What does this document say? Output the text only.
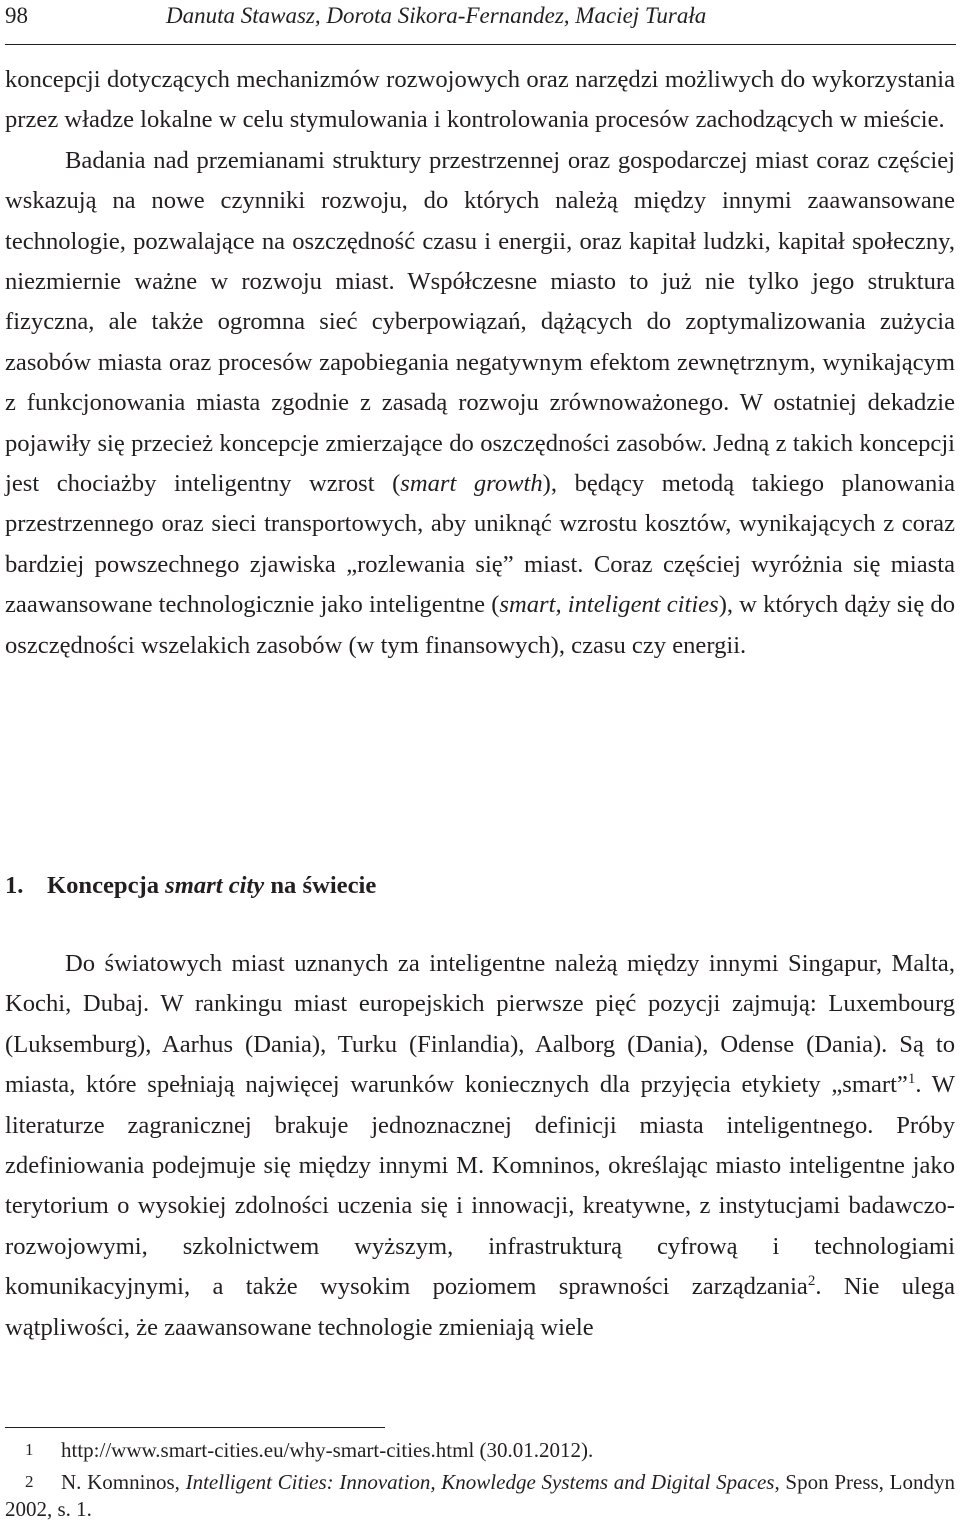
98	Danuta Stawasz, Dorota Sikora-Fernandez, Maciej Turała

koncepcji dotyczących mechanizmów rozwojowych oraz narzędzi możliwych do wykorzystania przez władze lokalne w celu stymulowania i kontrolowania procesów zachodzących w mieście.

Badania nad przemianami struktury przestrzennej oraz gospodarczej miast coraz częściej wskazują na nowe czynniki rozwoju, do których należą między innymi zaawansowane technologie, pozwalające na oszczędność czasu i energii, oraz kapitał ludzki, kapitał społeczny, niezmiernie ważne w rozwoju miast. Współczesne miasto to już nie tylko jego struktura fizyczna, ale także ogromna sieć cyberpowiązań, dążących do zoptymalizowania zużycia zasobów miasta oraz procesów zapobiegania negatywnym efektom zewnętrznym, wynikającym z funkcjonowania miasta zgodnie z zasadą rozwoju zrównoważonego. W ostatniej dekadzie pojawiły się przecież koncepcje zmierzające do oszczędności zasobów. Jedną z takich koncepcji jest chociażby inteligentny wzrost (smart growth), będący metodą takiego planowania przestrzennego oraz sieci transportowych, aby uniknąć wzrostu kosztów, wynikających z coraz bardziej powszechnego zjawiska „rozlewania się” miast. Coraz częściej wyróżnia się miasta zaawansowane technologicznie jako inteligentne (smart, inteligent cities), w których dąży się do oszczędności wszelakich zasobów (w tym finansowych), czasu czy energii.

1. Koncepcja smart city na świecie

Do światowych miast uznanych za inteligentne należą między innymi Singapur, Malta, Kochi, Dubaj. W rankingu miast europejskich pierwsze pięć pozycji zajmują: Luxembourg (Luksemburg), Aarhus (Dania), Turku (Finlandia), Aalborg (Dania), Odense (Dania). Są to miasta, które spełniają najwięcej warunków koniecznych dla przyjęcia etykiety „smart”$^1$. W literaturze zagranicznej brakuje jednoznacznej definicji miasta inteligentnego. Próby zdefiniowania podejmuje się między innymi M. Komninos, określając miasto inteligentne jako terytorium o wysokiej zdolności uczenia się i innowacji, kreatywne, z instytucjami badawczo-rozwojowymi, szkolnictwem wyższym, infrastrukturą cyfrową i technologiami komunikacyjnymi, a także wysokim poziomem sprawności zarządzania$^2$. Nie ulega wątpliwości, że zaawansowane technologie zmieniają wiele

1 http://www.smart-cities.eu/why-smart-cities.html (30.01.2012).

2 N. Komninos, Intelligent Cities: Innovation, Knowledge Systems and Digital Spaces, Spon Press, Londyn 2002, s. 1.
